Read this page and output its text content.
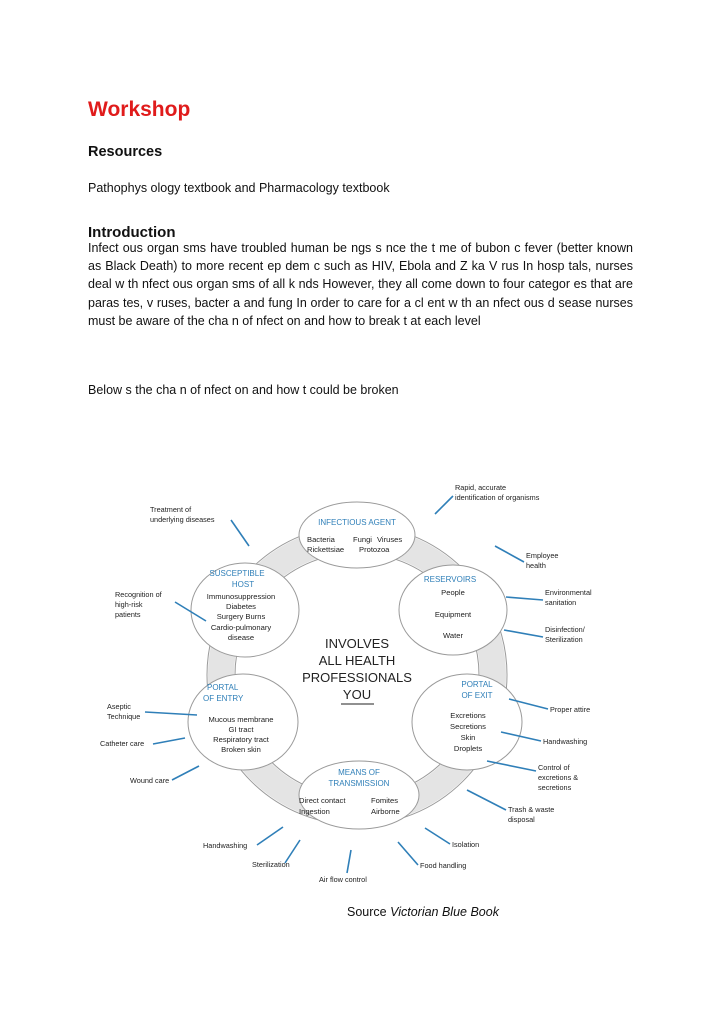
Workshop
Resources
Pathophys ology textbook and Pharmacology textbook
Introduction
Infect ous organ sms have troubled human be ngs s nce the t me of bubon c fever (better known as Black Death) to more recent ep dem c such as HIV, Ebola and Z ka V rus In hosp tals, nurses deal w th nfect ous organ sms of all k nds However, they all come down to four categor es that are paras tes, v ruses, bacter a and fung In order to care for a cl ent w th an nfect ous d sease nurses must be aware of the cha n of nfect on and how to break t at each level
Below s the cha n of nfect on and how t could be broken
INVOLVES
ALL HEALTH
PROFESSIONALS
YOU
INFECTIOUS AGENT
Bacteria Fungi Viruses
Rickettsiae Protozoa
RESERVOIRS
People
Equipment
Water
PORTAL
OF EXIT
Excretions
Secretions
Skin
Droplets
MEANS OF
TRANSMISSION
Direct contact	Fomites
Ingestion	Airborne
PORTAL
OF ENTRY
Mucous membrane
GI tract
Respiratory tract
Broken skin
SUSCEPTIBLE
HOST
Immunosuppression
Diabetes
Surgery Burns
Cardio-pulmonary
disease
Rapid, accurate
identification of organisms
Employee
health
Environmental
sanitation
Disinfection/
Sterilization
Proper attire
Handwashing
Control of
excretions &
secretions
Trash & waste
disposal
Isolation
Food handling
Air flow control
Sterilization
Handwashing
Wound care
Catheter care
Aseptic
Technique
Recognition of
high-risk
patients
Treatment of
underlying diseases
Source Victorian Blue Book
